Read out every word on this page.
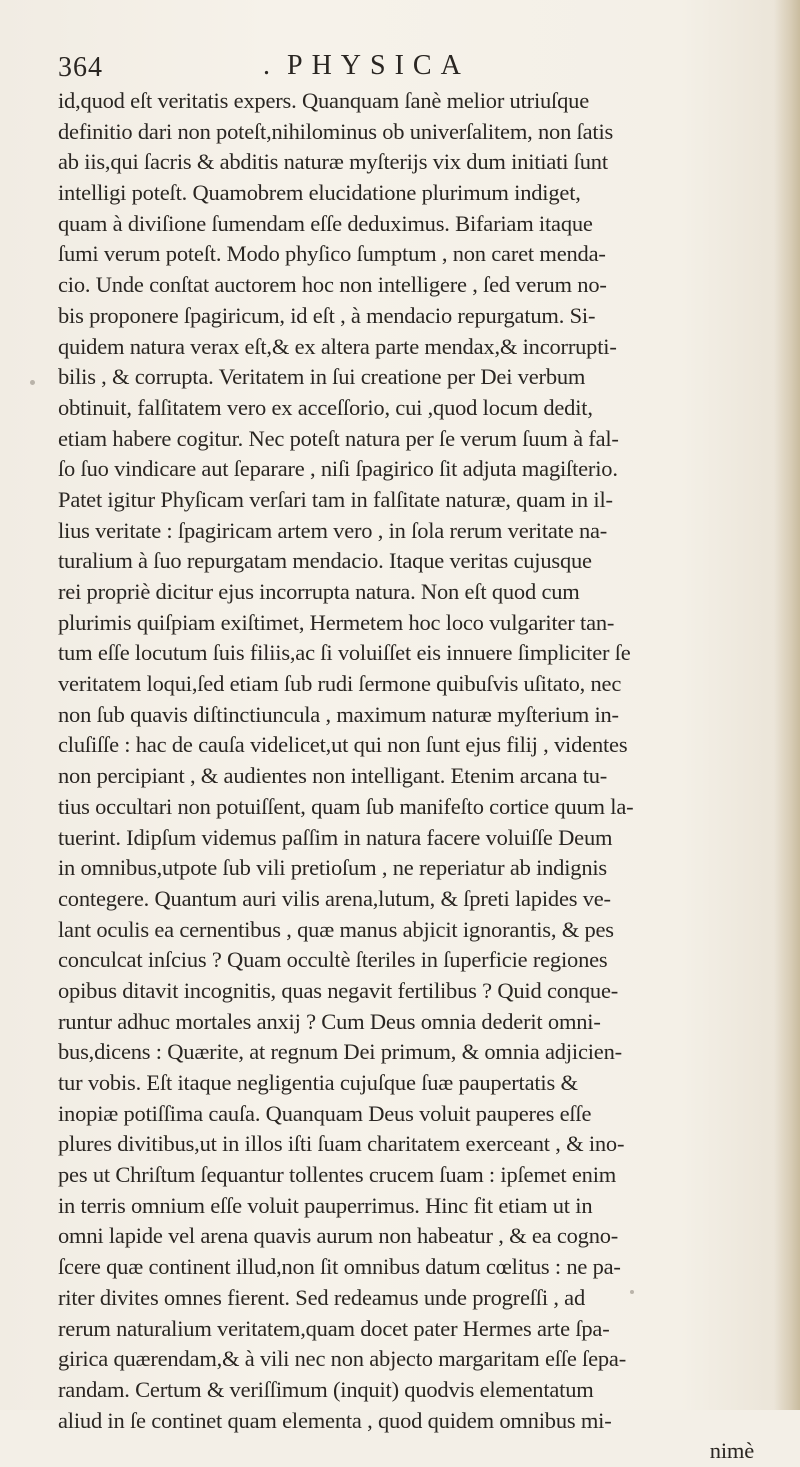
364	. PHYSICA
id,quod eſt veritatis expers. Quanquam ſanè melior utriuſque
definitio dari non poteſt,nihilominus ob univerſalitem, non ſatis
ab iis,qui ſacris & abditis naturæ myſterijs vix dum initiati ſunt
intelligi poteſt. Quamobrem elucidatione plurimum indiget,
quam à diviſione ſumendam eſſe deduximus. Bifariam itaque
ſumi verum poteſt. Modo phyſico ſumptum , non caret menda-
cio. Unde conſtat auctorem hoc non intelligere , ſed verum no-
bis proponere ſpagiricum, id eſt , à mendacio repurgatum. Si-
quidem natura verax eſt,& ex altera parte mendax,& incorrupti-
bilis , & corrupta. Veritatem in ſui creatione per Dei verbum
obtinuit, falſitatem vero ex acceſſorio, cui ,quod locum dedit,
etiam habere cogitur. Nec poteſt natura per ſe verum ſuum à fal-
ſo ſuo vindicare aut ſeparare , niſi ſpagirico ſit adjuta magiſterio.
Patet igitur Phyſicam verſari tam in falſitate naturæ, quam in il-
lius veritate : ſpagiricam artem vero , in ſola rerum veritate na-
turalium à ſuo repurgatam mendacio. Itaque veritas cujusque
rei propriè dicitur ejus incorrupta natura. Non eſt quod cum
plurimis quiſpiam exiſtimet, Hermetem hoc loco vulgariter tan-
tum eſſe locutum ſuis filiis,ac ſi voluiſſet eis innuere ſimpliciter ſe
veritatem loqui,ſed etiam ſub rudi ſermone quibuſvis uſitato, nec
non ſub quavis diſtinctiuncula , maximum naturæ myſterium in-
cluſiſſe : hac de cauſa videlicet,ut qui non ſunt ejus filij , videntes
non percipiant , & audientes non intelligant. Etenim arcana tu-
tius occultari non potuiſſent, quam ſub manifeſto cortice quum la-
tuerint. Idipſum videmus paſſim in natura facere voluiſſe Deum
in omnibus,utpote ſub vili pretioſum , ne reperiatur ab indignis
contegere. Quantum auri vilis arena,lutum, & ſpreti lapides ve-
lant oculis ea cernentibus , quæ manus abjicit ignorantis, & pes
conculcat inſcius ? Quam occultè ſteriles in ſuperficie regiones
opibus ditavit incognitis, quas negavit fertilibus ? Quid conque-
runtur adhuc mortales anxij ? Cum Deus omnia dederit omni-
bus,dicens : Quærite, at regnum Dei primum, & omnia adjicien-
tur vobis. Eſt itaque negligentia cujuſque ſuæ paupertatis &
inopiæ potiſſima cauſa. Quanquam Deus voluit pauperes eſſe
plures divitibus,ut in illos iſti ſuam charitatem exerceant , & ino-
pes ut Chriſtum ſequantur tollentes crucem ſuam : ipſemet enim
in terris omnium eſſe voluit pauperrimus. Hinc fit etiam ut in
omni lapide vel arena quavis aurum non habeatur , & ea cogno-
ſcere quæ continent illud,non ſit omnibus datum cœlitus : ne pa-
riter divites omnes fierent. Sed redeamus unde progreſſi , ad
rerum naturalium veritatem,quam docet pater Hermes arte ſpa-
girica quærendam,& à vili nec non abjecto margaritam eſſe ſepa-
randam. Certum & veriſſimum (inquit) quodvis elementatum
aliud in ſe continet quam elementa , quod quidem omnibus mi-
nimè
